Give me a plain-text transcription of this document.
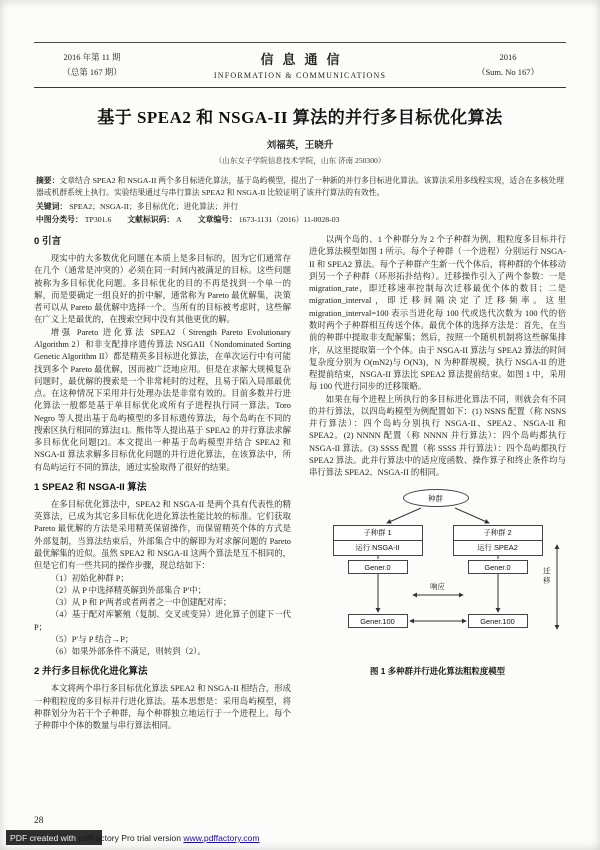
2016 年第 11 期
（总第 167 期）
信息通信
INFORMATION & COMMUNICATIONS
2016
（Sum. No 167）
基于 SPEA2 和 NSGA-II 算法的并行多目标优化算法
刘福英，王晓升
（山东女子学院信息技术学院，山东 济南 250300）
摘要：文章结合 SPEA2 和 NSGA-II 两个多目标进化算法，基于岛屿模型，提出了一种新的并行多目标进化算法。该算法采用多线程实现，适合在多核处理器或机群系统上执行。实验结果通过与串行算法 SPEA2 和 NSGA-II 比较证明了该并行算法的有效性。
关键词： SPEA2；NSGA-II；多目标优化；进化算法；并行
中图分类号： TP301.6 文献标识码： A 文章编号： 1673-1131（2016）11-0028-03
0 引言

现实中的大多数优化问题在本质上是多目标的，因为它们通常存在几个（通常是冲突的）必须在同一时间内被满足的目标。这些问题被称为多目标优化问题。多目标优化的目的不再是找到一个单一的解，而是要确定一组良好的折中解，通常称为 Pareto 最优解集，决策者可以从 Pareto 最优解中选择一个。当所有的目标被考虑时，这些解在广义上是最优的，在搜索空间中没有其他更优的解。

增强 Pareto 进化算法 SPEA2（Strength Pareto Evolutionary Algorithm 2）和非支配排序遗传算法 NSGAII（Nondominated Sorting Genetic Algorithm II）都是精英多目标进化算法，在单次运行中有可能找到多个 Pareto 最优解，因而被广泛地应用。但是在求解大规模复杂问题时，最优解的搜索是一个非常耗时的过程，且易于陷入局部最优点。在这种情况下采用并行处理办法是非常有效的。目前多数并行进化算法一般都是基于单目标优化或所有子进程执行同一算法。Toro Negro 等人提出基于岛屿模型的多目标遗传算法，每个岛屿在不同的搜索区执行相同的算法[1]。熊伟等人提出基于 SPEA2 的并行算法求解多目标优化问题[2]。本文提出一种基于岛屿模型并结合 SPEA2 和 NSGA-II 算法求解多目标优化问题的并行进化算法，在该算法中，所有岛屿运行不同的算法，通过实验取得了很好的结果。

1 SPEA2 和 NSGA-II 算法

在多目标优化算法中，SPEA2 和 NSGA-II 是两个具有代表性的精英算法，已成为其它多目标优化进化算法性能比较的标准。它们获取 Pareto 最优解的方法是采用精英保留操作，而保留精英个体的方式是外部复制，当算法结束后，外部集合中的解即为对求解问题的 Pareto 最优解集的近似。虽然 SPEA2 和 NSGA-II 这两个算法是互不相同的，但是它们有一些共同的操作步骤，现总结如下：

（1）初始化种群 P；

（2）从 P 中选择精英解到外部集合 P′中；

（3）从 P 和 P′两者或者两者之一中创建配对库；

（4）基于配对库繁殖（复制、交叉或变异）进化算子创建下一代 P；

（5）P′与 P 结合→P；

（6）如果外部条件不满足，则转到（2）。

2 并行多目标优化进化算法

本文将两个串行多目标优化算法 SPEA2 和 NSGA-II 相结合，形成一种粗粒度的多目标并行进化算法。基本思想是：采用岛屿模型，将种群划分为若干个子种群，每个种群独立地运行于一个进程上。每个子种群中个体的数量与串行算法相同。

以两个岛的、1 个种群分为 2 个子种群为例，粗粒度多目标并行进化算法模型如图 1 所示。每个子种群（一个进程）分别运行 NSGA-II 和 SPEA2 算法。每个子种群产生新一代个体后，将种群的个体移动到另一个子种群（环形拓扑结构）。迁移操作引入了两个参数：一是 migration_rate，即迁移速率控制每次迁移最优个体的数目；二是 migration_interval，即迁移间隔决定了迁移频率。这里 migration_interval=100 表示当进化每 100 代或迭代次数为 100 代的倍数时两个子种群相互传送个体。最优个体的选择方法是：首先，在当前的种群中提取非支配解集；然后，按照一个随机机制将这些解集排序，从这里提取第一个个体。由于 NSGA-II 算法与 SPEA2 算法的时间复杂度分别为 O(mN2)与 O(N3)，N 为种群规模，执行 NSGA-II 的进程提前结束，NSGA-II 算法比 SPEA2 算法提前结束。如图 1 中，采用每 100 代进行同步的迁移策略。

如果在每个进程上所执行的多目标进化算法不同，则就会有不同的并行算法，以四岛屿模型为例配置如下：(1) NSNS 配置（称 NSNS 并行算法）：四个岛屿分别执行 NSGA-II、SPEA2、NSGA-II 和 SPEA2。(2) NNNN 配置（称 NNNN 并行算法）：四个岛屿都执行 NSGA-II 算法。(3) SSSS 配置（称 SSSS 并行算法）：四个岛屿都执行 SPEA2 算法。此并行算法中的适应度函数、操作算子和终止条件均与串行算法 SPEA2、NSGA-II 的相同。

种群
子种群 1
运行 NSGA-II
子种群 2
运行 SPEA2
Gener.0	Gener.0
响应
Gener.100	Gener.100
迁移
图 1 多种群并行进化算法粗粒度模型
28
PDF created with pdfFactory Pro trial version www.pdffactory.com
